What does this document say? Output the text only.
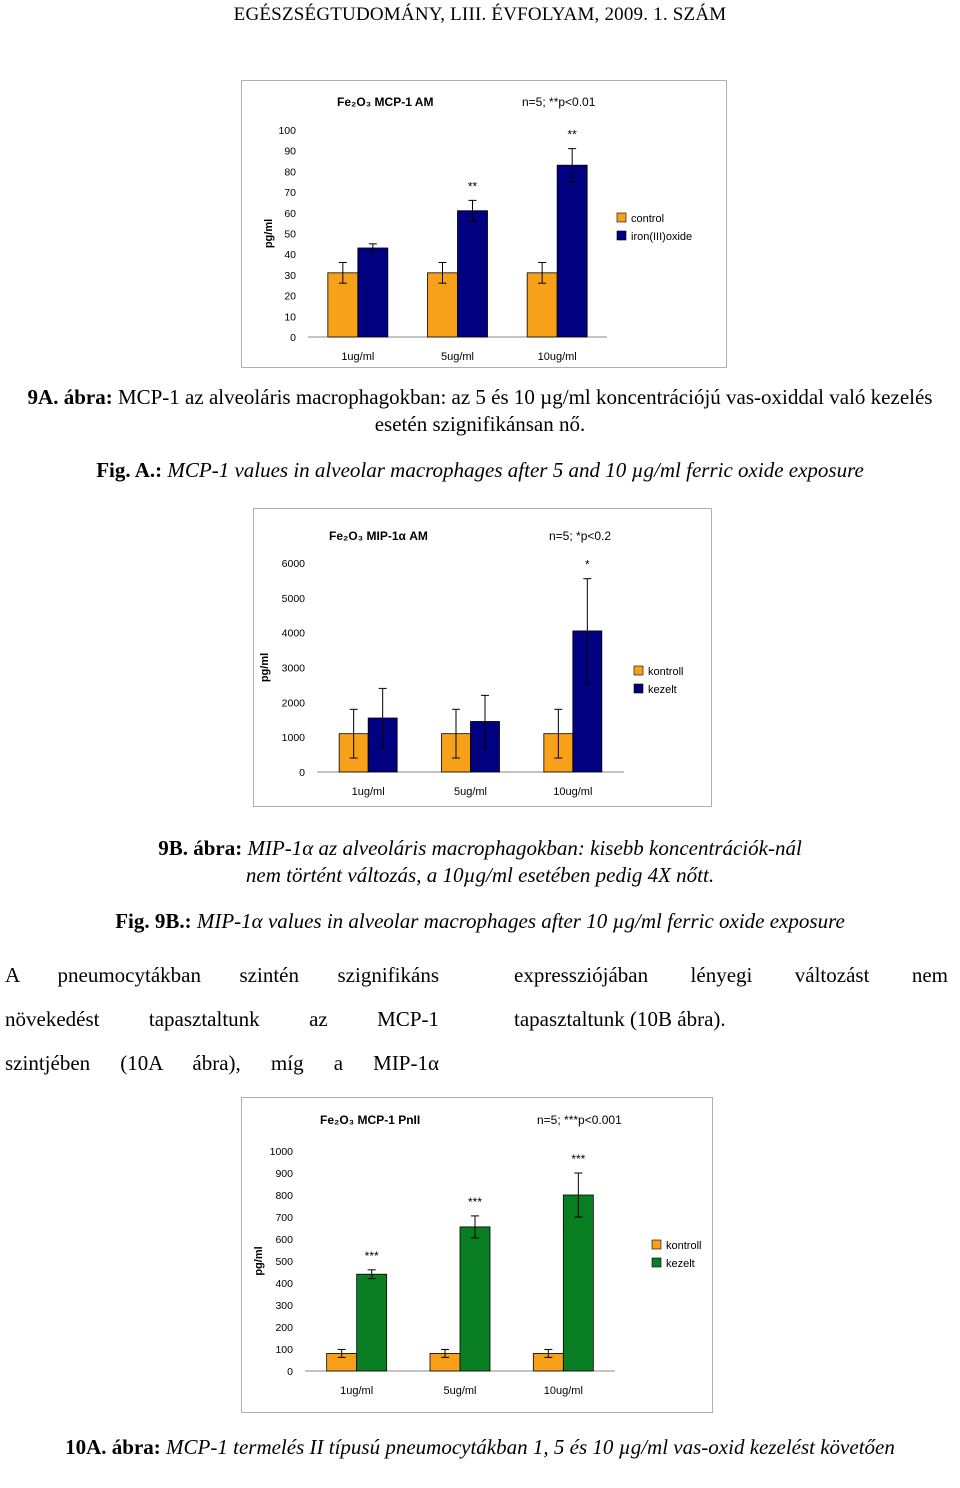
EGÉSZSÉGTUDOMÁNY, LIII. ÉVFOLYAM, 2009. 1. SZÁM
Fe₂O₃ MCP-1 AM	n=5; **p<0.01
pg/ml
0
10
20
30
40
50
60
70
80
90
100
1ug/ml
**
5ug/ml
**
10ug/ml
control
iron(III)oxide
9A. ábra: MCP-1 az alveoláris macrophagokban: az 5 és 10 µg/ml koncentrációjú vas-oxiddal való kezelés esetén szignifikánsan nő.
Fig. A.: MCP-1 values in alveolar macrophages after 5 and 10 µg/ml ferric oxide exposure
Fe₂O₃ MIP-1α AM	n=5; *p<0.2
pg/ml
0
1000
2000
3000
4000
5000
6000
1ug/ml	5ug/ml
*
10ug/ml
kontroll
kezelt
9B. ábra: MIP-1α az alveoláris macrophagokban: kisebb koncentrációk-nál nem történt változás, a 10µg/ml esetében pedig 4X nőtt.
Fig. 9B.: MIP-1α values in alveolar macrophages after 10 µg/ml ferric oxide exposure
A pneumocytákban szintén szignifikáns
növekedést tapasztaltunk az MCP-1
szintjében (10A ábra), míg a MIP-1α
expressziójában lényegi változást nem
tapasztaltunk (10B ábra).
Fe₂O₃ MCP-1 PnII	n=5; ***p<0.001
pg/ml
0
100
200
300
400
500
600
700
800
900
1000
***
1ug/ml
***
5ug/ml
***
10ug/ml
kontroll
kezelt
10A. ábra: MCP-1 termelés II típusú pneumocytákban 1, 5 és 10 µg/ml vas-oxid kezelést követően
